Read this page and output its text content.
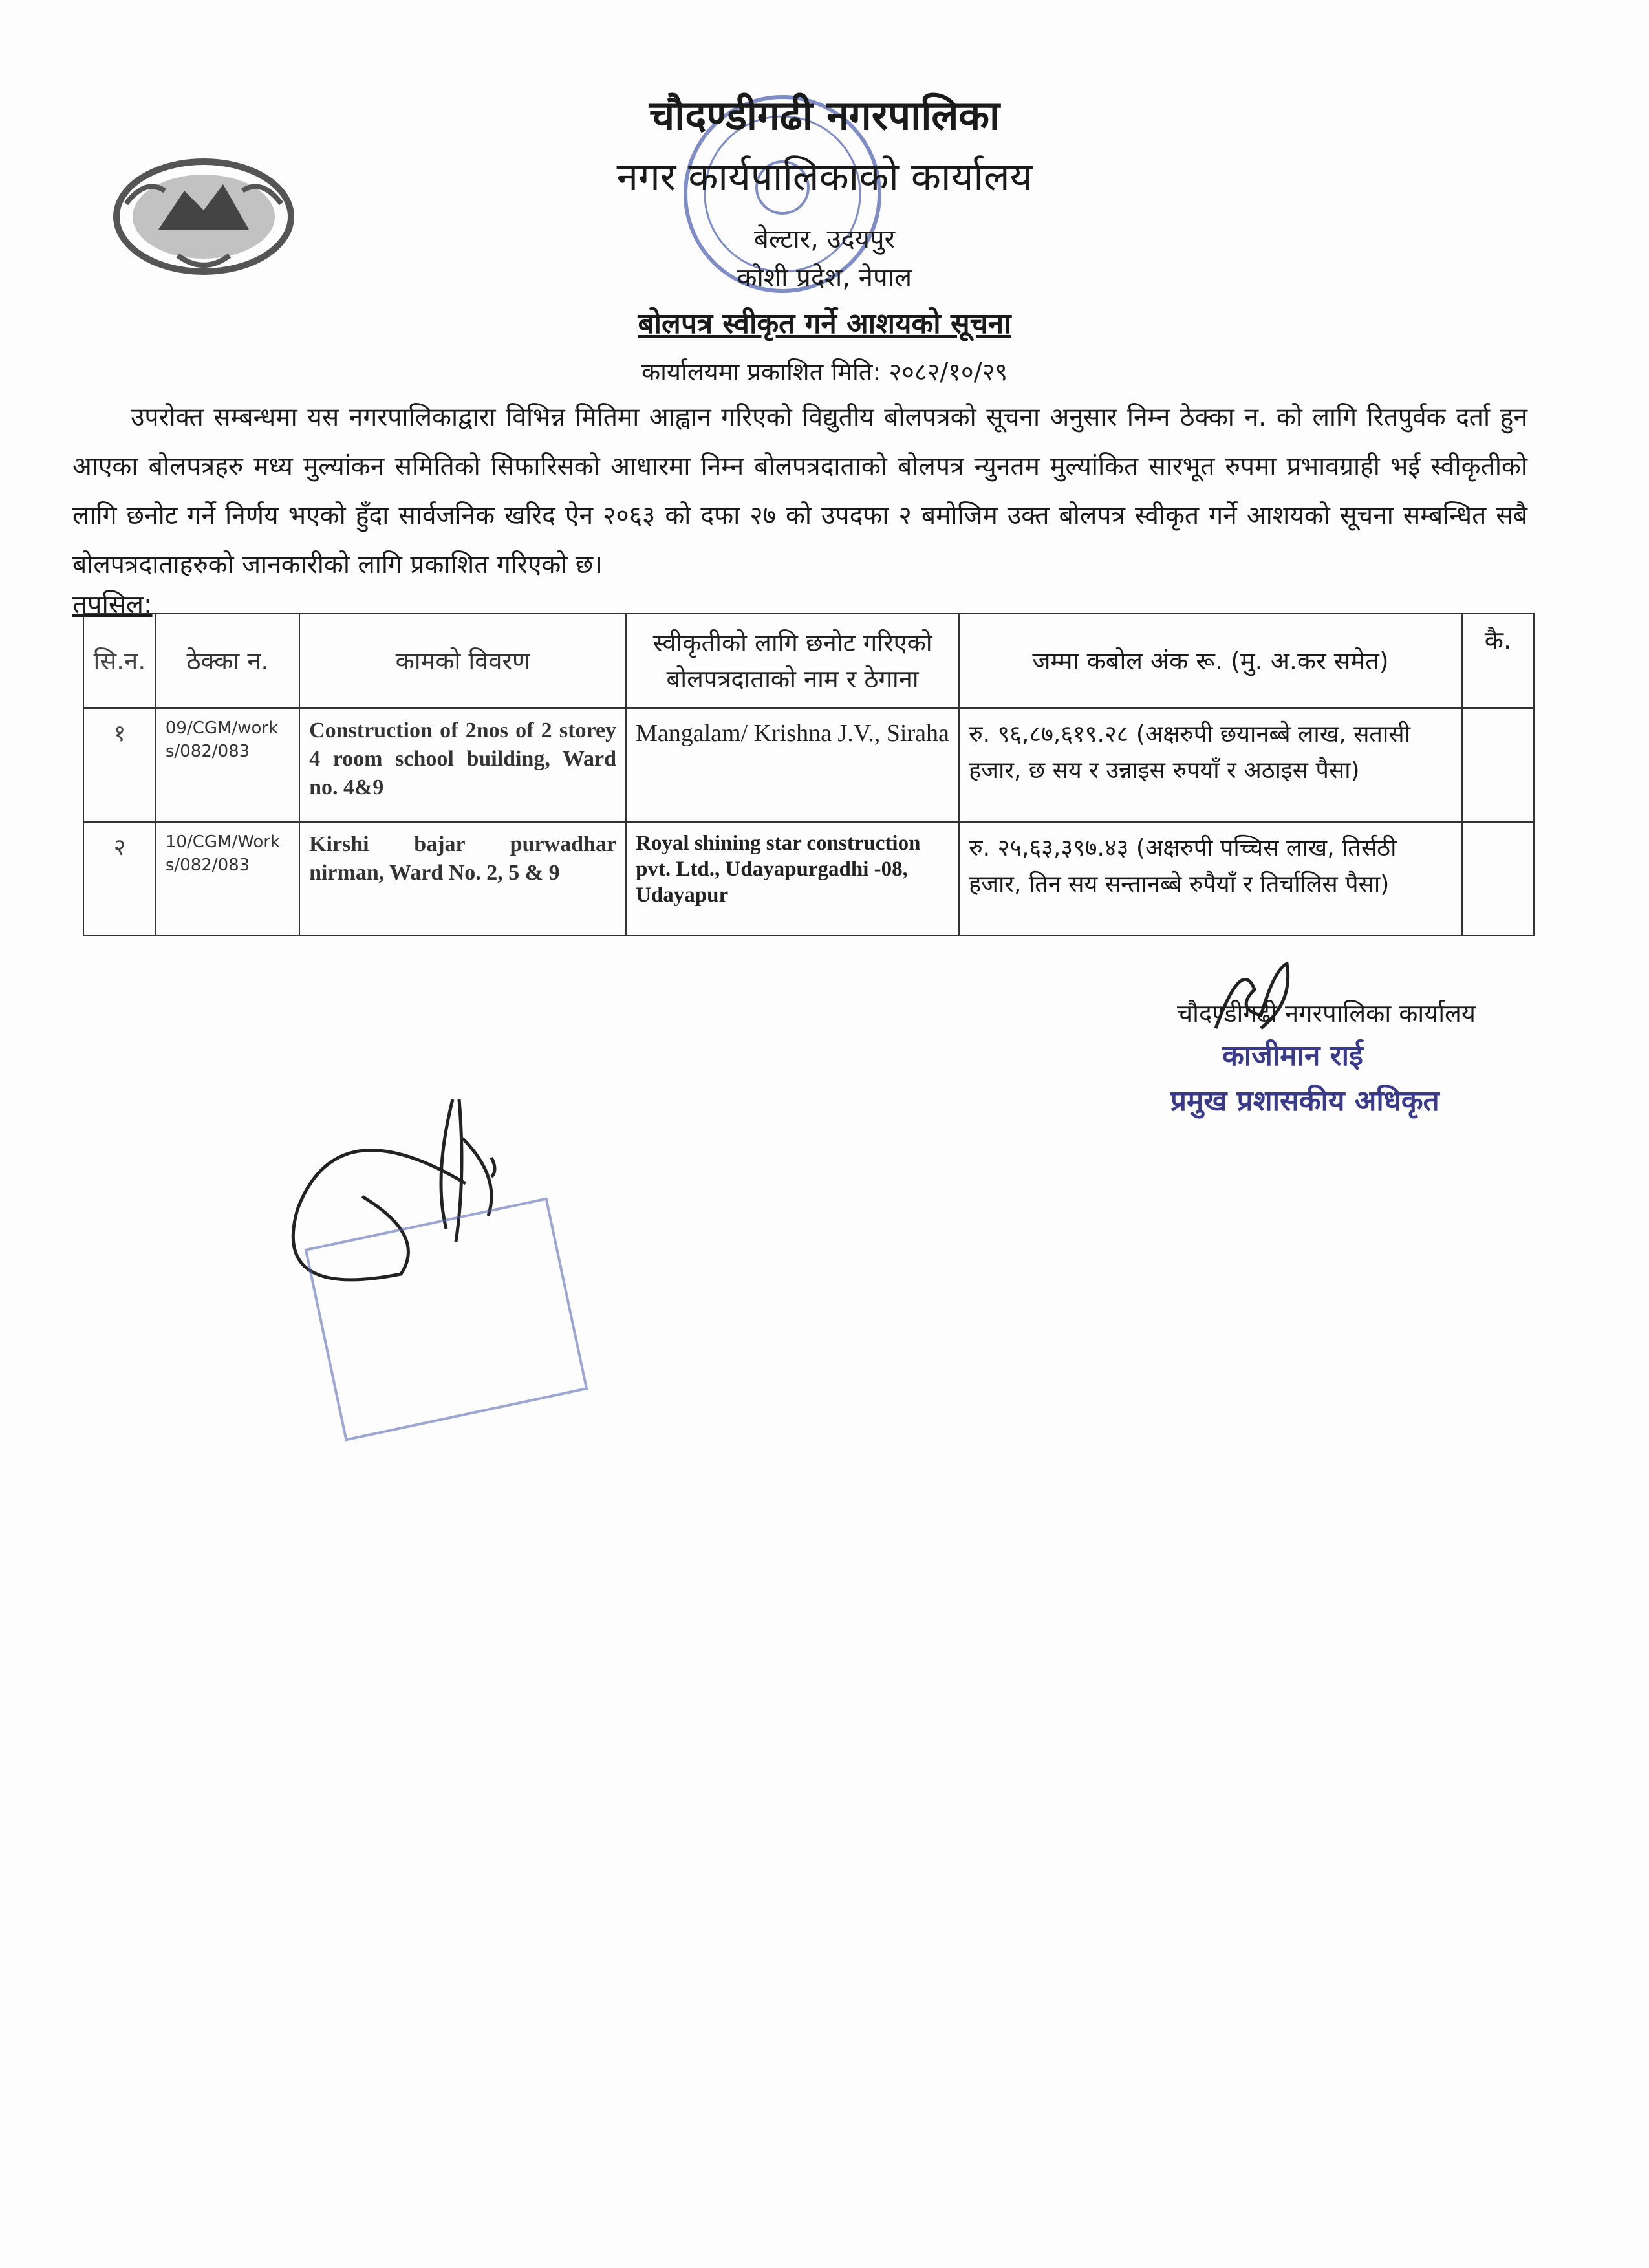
चौदण्डीगढी नगरपालिका
नगर कार्यपालिकाको कार्यालय
बेल्टार, उदयपुर
कोशी प्रदेश, नेपाल
बोलपत्र स्वीकृत गर्ने आशयको सूचना
कार्यालयमा प्रकाशित मिति: २०८२/१०/२९
उपरोक्त सम्बन्धमा यस नगरपालिकाद्वारा विभिन्न मितिमा आह्वान गरिएको विद्युतीय बोलपत्रको सूचना अनुसार निम्न ठेक्का न. को लागि रितपुर्वक दर्ता हुन आएका बोलपत्रहरु मध्य मुल्यांकन समितिको सिफारिसको आधारमा निम्न बोलपत्रदाताको बोलपत्र न्युनतम मुल्यांकित सारभूत रुपमा प्रभावग्राही भई स्वीकृतीको लागि छनोट गर्ने निर्णय भएको हुँदा सार्वजनिक खरिद ऐन २०६३ को दफा २७ को उपदफा २ बमोजिम उक्त बोलपत्र स्वीकृत गर्ने आशयको सूचना सम्बन्धित सबै बोलपत्रदाताहरुको जानकारीको लागि प्रकाशित गरिएको छ।
तपसिल:
सि.न.	ठेक्का न.	कामको विवरण	स्वीकृतीको लागि छनोट गरिएको बोलपत्रदाताको नाम र ठेगाना	जम्मा कबोल अंक रू. (मु. अ.कर समेत)	कै.
१	09/CGM/works/082/083	Construction of 2nos of 2 storey 4 room school building, Ward no. 4&9	Mangalam/ Krishna J.V., Siraha	रु. ९६,८७,६१९.२८ (अक्षरुपी छयानब्बे लाख, सतासी हजार, छ सय र उन्नाइस रुपयाँ र अठाइस पैसा)	
२	10/CGM/Works/082/083	Kirshi bajar purwadhar nirman, Ward No. 2, 5 & 9	Royal shining star construction pvt. Ltd., Udayapurgadhi -08, Udayapur	रु. २५,६३,३९७.४३ (अक्षरुपी पच्चिस लाख, तिर्सठी हजार, तिन सय सन्तानब्बे रुपैयाँ र तिर्चालिस पैसा)	
चौदण्डीगढी नगरपालिका कार्यालय
काजीमान राई
प्रमुख प्रशासकीय अधिकृत
